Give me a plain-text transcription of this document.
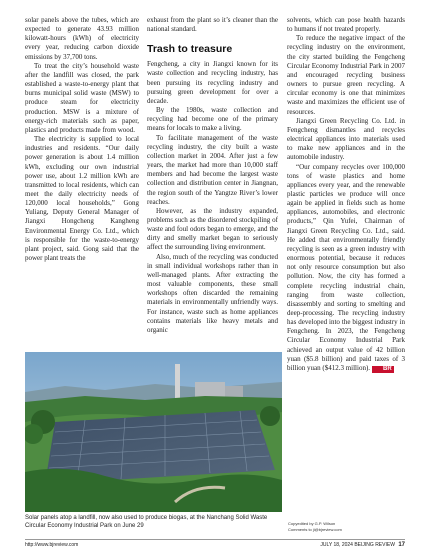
solar panels above the tubes, which are expected to generate 43.93 million kilowatt-hours (kWh) of electricity every year, reducing carbon dioxide emissions by 37,700 tons.

To treat the city’s household waste after the landfill was closed, the park established a waste-to-energy plant that burns municipal solid waste (MSW) to produce steam for electricity production. MSW is a mixture of energy-rich materials such as paper, plastics and products made from wood.

The electricity is supplied to local industries and residents. “Our daily power generation is about 1.4 million kWh, excluding our own industrial power use, about 1.2 million kWh are transmitted to local residents, which can meet the daily electricity needs of 120,000 local households,” Gong Yuliang, Deputy General Manager of Jiangxi Hongcheng Kangheng Environmental Energy Co. Ltd., which is responsible for the waste-to-energy plant project, said. Gong said that the power plant treats the

exhaust from the plant so it’s cleaner than the national standard.

Trash to treasure

Fengcheng, a city in Jiangxi known for its waste collection and recycling industry, has been pursuing its recycling industry and pursuing green development for over a decade.

By the 1980s, waste collection and recycling had become one of the primary means for locals to make a living.

To facilitate management of the waste recycling industry, the city built a waste collection market in 2004. After just a few years, the market had more than 10,000 staff members and had become the largest waste collection and distribution center in Jiangnan, the region south of the Yangtze River’s lower reaches.

However, as the industry expanded, problems such as the disordered stockpiling of waste and foul odors began to emerge, and the dirty and smelly market began to seriously affect the surrounding living environment.

Also, much of the recycling was conducted in small individual workshops rather than in well-managed plants. After extracting the most valuable components, these small workshops often discarded the remaining materials in environmentally unfriendly ways. For instance, waste such as home appliances contains materials like heavy metals and organic

solvents, which can pose health hazards to humans if not treated properly.

To reduce the negative impact of the recycling industry on the environment, the city started building the Fengcheng Circular Economy Industrial Park in 2007 and encouraged recycling business owners to pursue green recycling. A circular economy is one that minimizes waste and maximizes the efficient use of resources.

Jiangxi Green Recycling Co. Ltd. in Fengcheng dismantles and recycles electrical appliances into materials used to make new appliances and in the automobile industry.

“Our company recycles over 100,000 tons of waste plastics and home appliances every year, and the renewable plastic particles we produce will once again be applied in fields such as home appliances, automobiles, and electronic products,” Qin Yufei, Chairman of Jiangxi Green Recycling Co. Ltd., said. He added that environmentally friendly recycling is seen as a green industry with enormous potential, because it reduces not only resource consumption but also pollution. Now, the city has formed a complete recycling industrial chain, ranging from waste collection, disassembly and sorting to smelting and deep-processing. The recycling industry has developed into the biggest industry in Fengcheng. In 2023, the Fengcheng Circular Economy Industrial Park achieved an output value of 42 billion yuan ($5.8 billion) and paid taxes of 3 billion yuan ($412.3 million). BR

Solar panels atop a landfill, now also used to produce biogas, at the Nanchang Solid Waste Circular Economy Industrial Park on June 29	Copyedited by G.P. Wilson
Comments to ji@bjreview.com
http://www.bjreview.com	JULY 18, 2024 BEIJING REVIEW 17
